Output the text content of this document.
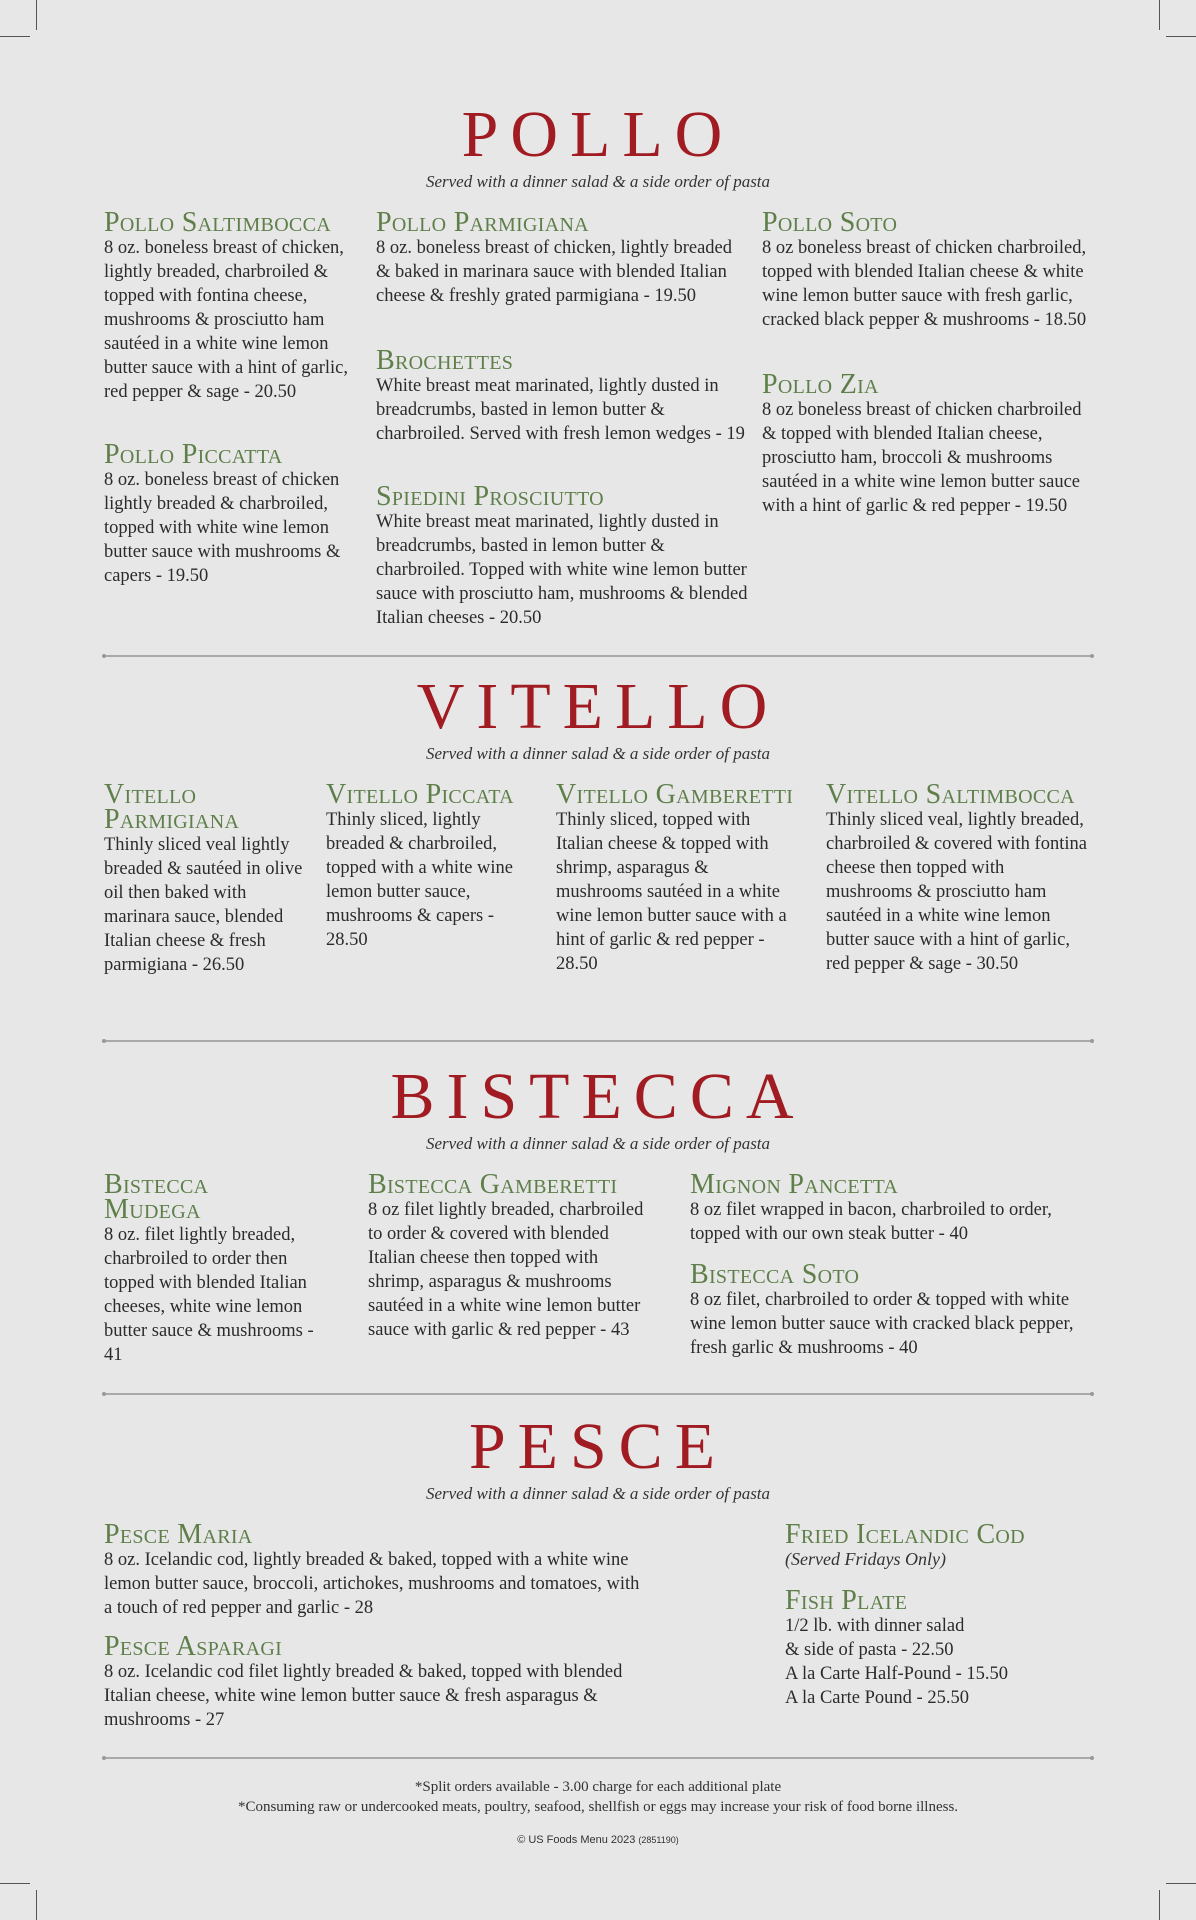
POLLO
Served with a dinner salad & a side order of pasta
Pollo Saltimbocca
8 oz. boneless breast of chicken, lightly breaded, charbroiled & topped with fontina cheese, mushrooms & prosciutto ham sautéed in a white wine lemon butter sauce with a hint of garlic, red pepper & sage - 20.50
Pollo Piccatta
8 oz. boneless breast of chicken lightly breaded & charbroiled, topped with white wine lemon butter sauce with mushrooms & capers - 19.50
Pollo Parmigiana
8 oz. boneless breast of chicken, lightly breaded & baked in marinara sauce with blended Italian cheese & freshly grated parmigiana - 19.50
Brochettes
White breast meat marinated, lightly dusted in breadcrumbs, basted in lemon butter & charbroiled. Served with fresh lemon wedges - 19
Spiedini Prosciutto
White breast meat marinated, lightly dusted in breadcrumbs, basted in lemon butter & charbroiled. Topped with white wine lemon butter sauce with prosciutto ham, mushrooms & blended Italian cheeses - 20.50
Pollo Soto
8 oz boneless breast of chicken charbroiled, topped with blended Italian cheese & white wine lemon butter sauce with fresh garlic, cracked black pepper & mushrooms - 18.50
Pollo Zia
8 oz boneless breast of chicken charbroiled & topped with blended Italian cheese, prosciutto ham, broccoli & mushrooms sautéed in a white wine lemon butter sauce with a hint of garlic & red pepper - 19.50
VITELLO
Served with a dinner salad & a side order of pasta
Vitello Parmigiana
Thinly sliced veal lightly breaded & sautéed in olive oil then baked with marinara sauce, blended Italian cheese & fresh parmigiana - 26.50
Vitello Piccata
Thinly sliced, lightly breaded & charbroiled, topped with a white wine lemon butter sauce, mushrooms & capers - 28.50
Vitello Gamberetti
Thinly sliced, topped with Italian cheese & topped with shrimp, asparagus & mushrooms sautéed in a white wine lemon butter sauce with a hint of garlic & red pepper - 28.50
Vitello Saltimbocca
Thinly sliced veal, lightly breaded, charbroiled & covered with fontina cheese then topped with mushrooms & prosciutto ham sautéed in a white wine lemon butter sauce with a hint of garlic, red pepper & sage - 30.50
BISTECCA
Served with a dinner salad & a side order of pasta
Bistecca Mudega
8 oz. filet lightly breaded, charbroiled to order then topped with blended Italian cheeses, white wine lemon butter sauce & mushrooms - 41
Bistecca Gamberetti
8 oz filet lightly breaded, charbroiled to order & covered with blended Italian cheese then topped with shrimp, asparagus & mushrooms sautéed in a white wine lemon butter sauce with garlic & red pepper - 43
Mignon Pancetta
8 oz filet wrapped in bacon, charbroiled to order, topped with our own steak butter - 40
Bistecca Soto
8 oz filet, charbroiled to order & topped with white wine lemon butter sauce with cracked black pepper, fresh garlic & mushrooms - 40
PESCE
Served with a dinner salad & a side order of pasta
Pesce Maria
8 oz. Icelandic cod, lightly breaded & baked, topped with a white wine lemon butter sauce, broccoli, artichokes, mushrooms and tomatoes, with a touch of red pepper and garlic - 28
Pesce Asparagi
8 oz. Icelandic cod filet lightly breaded & baked, topped with blended Italian cheese, white wine lemon butter sauce & fresh asparagus & mushrooms - 27
Fried Icelandic Cod
(Served Fridays Only)
Fish Plate
1/2 lb. with dinner salad
& side of pasta - 22.50
A la Carte Half-Pound - 15.50
A la Carte Pound - 25.50
*Split orders available - 3.00 charge for each additional plate
*Consuming raw or undercooked meats, poultry, seafood, shellfish or eggs may increase your risk of food borne illness.
© US Foods Menu 2023 (2851190)
